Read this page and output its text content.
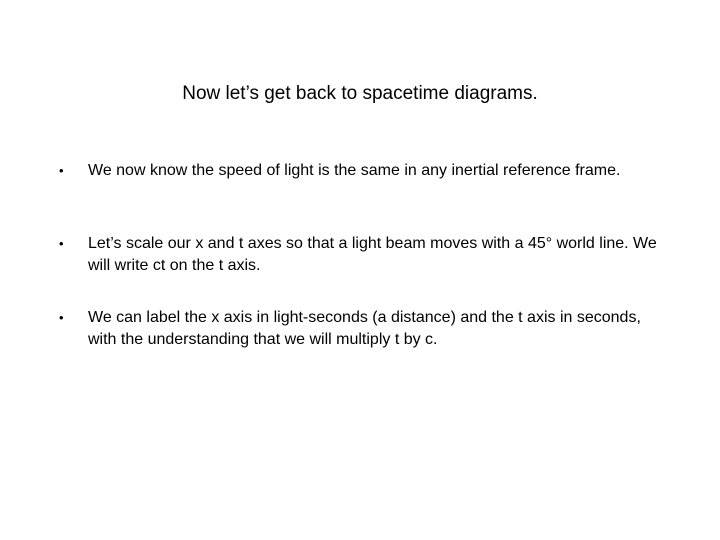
Now let’s get back to spacetime diagrams.
• We now know the speed of light is the same in any inertial reference frame.
• Let’s scale our x and t axes so that a light beam moves with a 45° world line. We will write ct on the t axis.
• We can label the x axis in light-seconds (a distance) and the t axis in seconds, with the understanding that we will multiply t by c.
